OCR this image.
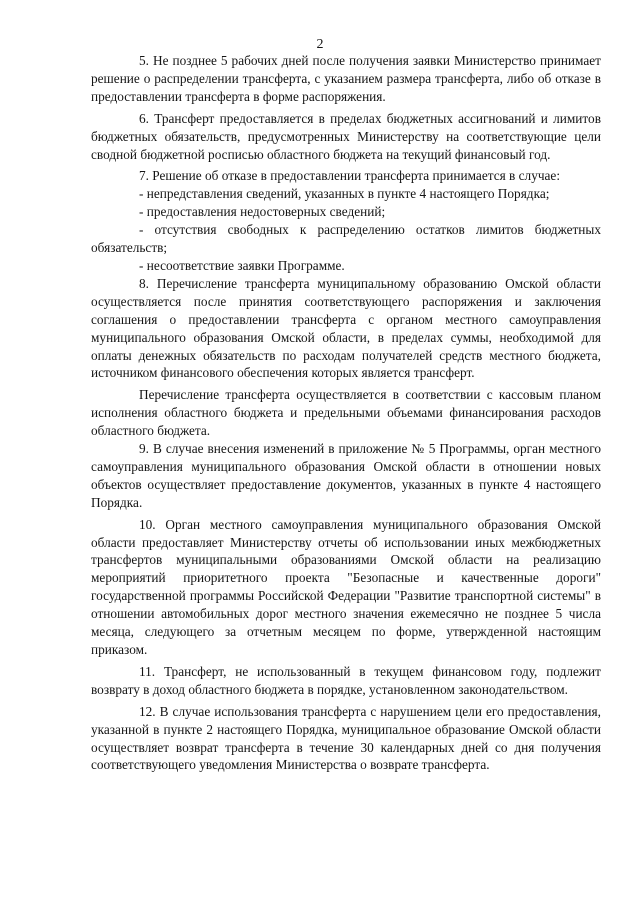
2

5. Не позднее 5 рабочих дней после получения заявки Министерство принимает решение о распределении трансферта, с указанием размера трансферта, либо об отказе в предоставлении трансферта в форме распоряжения.

6. Трансферт предоставляется в пределах бюджетных ассигнований и лимитов бюджетных обязательств, предусмотренных Министерству на соответствующие цели сводной бюджетной росписью областного бюджета на текущий финансовый год.

7. Решение об отказе в предоставлении трансферта принимается в случае:

- непредставления сведений, указанных в пункте 4 настоящего Порядка;

- предоставления недостоверных сведений;

- отсутствия свободных к распределению остатков лимитов бюджетных обязательств;

- несоответствие заявки Программе.

8. Перечисление трансферта муниципальному образованию Омской области осуществляется после принятия соответствующего распоряжения и заключения соглашения о предоставлении трансферта с органом местного самоуправления муниципального образования Омской области, в пределах суммы, необходимой для оплаты денежных обязательств по расходам получателей средств местного бюджета, источником финансового обеспечения которых является трансферт.

Перечисление трансферта осуществляется в соответствии с кассовым планом исполнения областного бюджета и предельными объемами финансирования расходов областного бюджета.

9. В случае внесения изменений в приложение № 5 Программы, орган местного самоуправления муниципального образования Омской области в отношении новых объектов осуществляет предоставление документов, указанных в пункте 4 настоящего Порядка.

10. Орган местного самоуправления муниципального образования Омской области предоставляет Министерству отчеты об использовании иных межбюджетных трансфертов муниципальными образованиями Омской области на реализацию мероприятий приоритетного проекта "Безопасные и качественные дороги" государственной программы Российской Федерации "Развитие транспортной системы" в отношении автомобильных дорог местного значения ежемесячно не позднее 5 числа месяца, следующего за отчетным месяцем по форме, утвержденной настоящим приказом.

11. Трансферт, не использованный в текущем финансовом году, подлежит возврату в доход областного бюджета в порядке, установленном законодательством.

12. В случае использования трансферта с нарушением цели его предоставления, указанной в пункте 2 настоящего Порядка, муниципальное образование Омской области осуществляет возврат трансферта в течение 30 календарных дней со дня получения соответствующего уведомления Министерства о возврате трансферта.
